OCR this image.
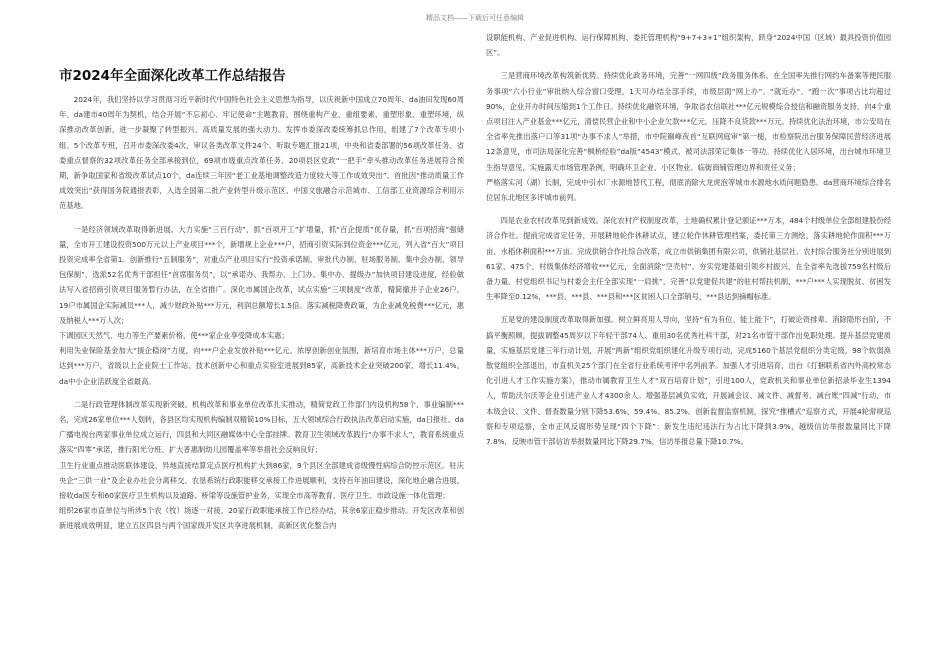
精品文档——下载后可任意编辑
市2024年全面深化改革工作总结报告

2024年，我们坚持以学习贯彻习近平新时代中国特色社会主义思想为指导，以庆祝新中国成立70周年、da油田发现60周年、da建市40周年为契机，结合开展“不忘初心、牢记使命”主题教育，围绕重构产业、重组要素、重塑形象、重塑环境，纵深推动改革创新，进一步凝聚了转型振兴、高质量发展的强大动力。发挥市委深改委统筹抓总作用，组建了7个改革专项小组、5个改革专班，召开市委深改委4次、审议各类改革文件24个、听取专题汇报21项，中央和省委部署的56项改革任务、省委重点督察的32项改革任务全部承接到位，69项市级重点改革任务、20项县区党政“一把手”牵头推动改革任务进展符合预期，新争取国家和省级改革试点10个，da连续三年因“老工业基地调整改造力度较大等工作成效突出”、首批因“推动质量工作成效突出”获得国务院通报表彰，入选全国第二批产业转型升级示范区、中国文旅融合示范城市、工信部工业资源综合利用示范基地。

一是经济领域改革取得新进展。大力实施“三百行动”，抓“百项开工”扩增量，抓“百企提质”优存量，抓“百项招商”强储量，全市开工建设投资500万元以上产业项目***个，新增规上企业***户，招商引资实际到位资金***亿元，列入省“百大”项目投资完成率全省第1。创新推行“五制服务”，对重点产业项目实行“投资承诺制、审批代办制、驻场服务制、集中会办制、领导包保制”，选派52名优秀干部担任“首席服务员”，以“承诺办、我帮办、上门办、集中办、提级办”加快项目建设进度，经验做法写入省招商引资项目服务暂行办法，在全省推广。深化市属国企改革，试点实施“三项制度”改革，精简撤并子企业26户，19户市属国企实际减员***人，减少财政补贴***万元，利润总额增长1.5倍。落实减税降费政策，为企业减免税费***亿元，惠及纳税人***万人次；

下调园区天然气、电力等生产要素价格，使***家企业享受降成本实惠；

利用失业保险基金加大“援企稳岗”力度，向***户企业发放补贴***亿元。浓厚创新创业氛围，新培育市场主体***万户，总量达到***万户，省级以上企业院士工作站、技术创新中心和重点实验室进展到85家，高新技术企业突破200家、增长11.4%，da中小企业活跃度全省最高。

二是行政管理体制改革实现新突破。机构改革和事业单位改革扎实推动，精简党政工作部门内设机构58个、事业编制***名，完成26家单位***人划转，各县区均实现机构编制双精简10%目标，五大领域综合行政执法改革启动实施，da日报社、da广播电视台两家事业单位成立运行，四县和大同区融媒体中心全部挂牌。教育卫生领域改革践行“办事不求人”，教育系统重点落实“四零”承诺，推行阳光分班、扩大普惠制幼儿园覆盖率等举措社会反响良好；

卫生行业重点推动医联体建设，异地直接结算定点医疗机构扩大到86家，9个县区全部建成省级慢性病综合防控示范区。驻庆央企“三供一业”及企业办社会分离移交、农垦系统行政职能移交承接工作进展顺利，支持百年油田建设，深化地企融合进展，接收da医专和60家医疗卫生机构以及道路、桥梁等设施管护业务，实现全市高等教育、医疗卫生、市政设施一体化管理；

组织26家市直单位与所涉5个农（牧）场逐一对接，20家行政职能承接工作已经办结，其余6家正稳步推动。开发区改革和创新进展成效明显，建立五区四县与两个国家级开发区共享进展机制，高新区优化整合内

设职能机构、产业促进机构、运行保障机构、委托管理机构“9+7+3+1”组织架构，跻身“2024中国（区域）最具投资价值园区”。

三是营商环境改革构筑新优势。持续优化政务环境，完善“一网四级”政务服务体系，在全国率先推行网约车备案等便民服务事项“六小行业”审批纳入综合窗口受理，1天可办结全部手续，市级层面“网上办”、“就近办”、“跑一次”事项占比均超过90%，企业开办时间压缩到1个工作日。持续优化融资环境，争取省农信联社***亿元规模综合授信和融资服务支持，向4个重点项目注入产业基金***亿元，清偿民营企业和中小企业欠款***亿元，压降不良贷款***万元。持续优化法治环境，市公安局在全省率先推出落户口等31项“办事不求人”举措，市中院巅峰夜首“互联网庭审”第一槌，市检察院出台服务保障民营经济进展12条意见，市司法局深化完善“枫桥经验”da版“4543”模式、被司法部荣记集体一等功。持续优化人居环境，出台城市环境卫生指导意见，实施露天市场管理条例，明确环卫企业、小区物业、临街商铺管理边界和责任义务；

严格落实河（湖）长制，完成中引水厂水源地替代工程，彻底消除大龙虎泡等城市水源地水质问题隐患。da营商环境综合排名位居东北地区多评城市前列。

四是农业农村改革见到新成效。深化农村产权制度改革，土地确权累计登记颁证***万本，484个村级单位全部组建股份经济合作社。提前完成省定任务，开展耕地轮作休耕试点，建立轮作休耕管理档案，委托第三方测绘，落实耕地轮作面积***万亩、水稻休耕面积***万亩。完成供销合作社综合改革，成立市供销集团有限公司，供销社基层社、农村综合服务社分别进展到61家、475个，村级集体经济增收***亿元，全面消除“空壳村”。夯实党建基础引领乡村振兴，在全省率先选拔759名村级后备力量，村党组织书记与村委会主任全部实现“一肩挑”，完善“以党建促共建”的驻村帮扶机制，***户***人实现脱贫、贫困发生率降至0.12%，***县、***县、***县和***区贫困人口全部销号，***县达到摘帽标准。

五是党的建设制度改革取得新加强。树立鲜亮用人导向，坚持“有为有位、能上能下”，打破论资排辈、消除隐形台阶，不搞平衡照顾，提拔调整45周岁以下年轻干部74人、重用30名优秀社科干部，对21名市管干部作出免职处理。提升基层党建质量，实施基层党建三年行动计划，开展“两新”组织党组织建化升级专项行动，完成5160个基层党组织分类定级，98个软弱涣散党组织全部退出，市直机关25个部门在全省行业系统考评中名列前茅。加强人才引进培育，出台《打捆联系省内外高校常态化引进人才工作实施方案》，推动市属教育卫生人才“双百培育计划”，引进100人，党政机关和事业单位新招录毕业生1394人，帮助沃尔沃等企业引进产业人才4300余人。增强基层减负实效，开展减会议、减文件、减督考、减台账“四减”行动，市本级会议、文件、督查数量分别下降53.6%、59.4%、85.2%。创新监督监察机制，探究“推槽式”巡察方式，开展4轮常规巡察和专项巡察，全市正风反腐形势呈现“四个下降”：新发生违纪违法行为占比下降到3.9%，越级信访举报数量同比下降7.8%，反映市管干部信访举报数量同比下降29.7%，信访举报总量下降10.7%。
